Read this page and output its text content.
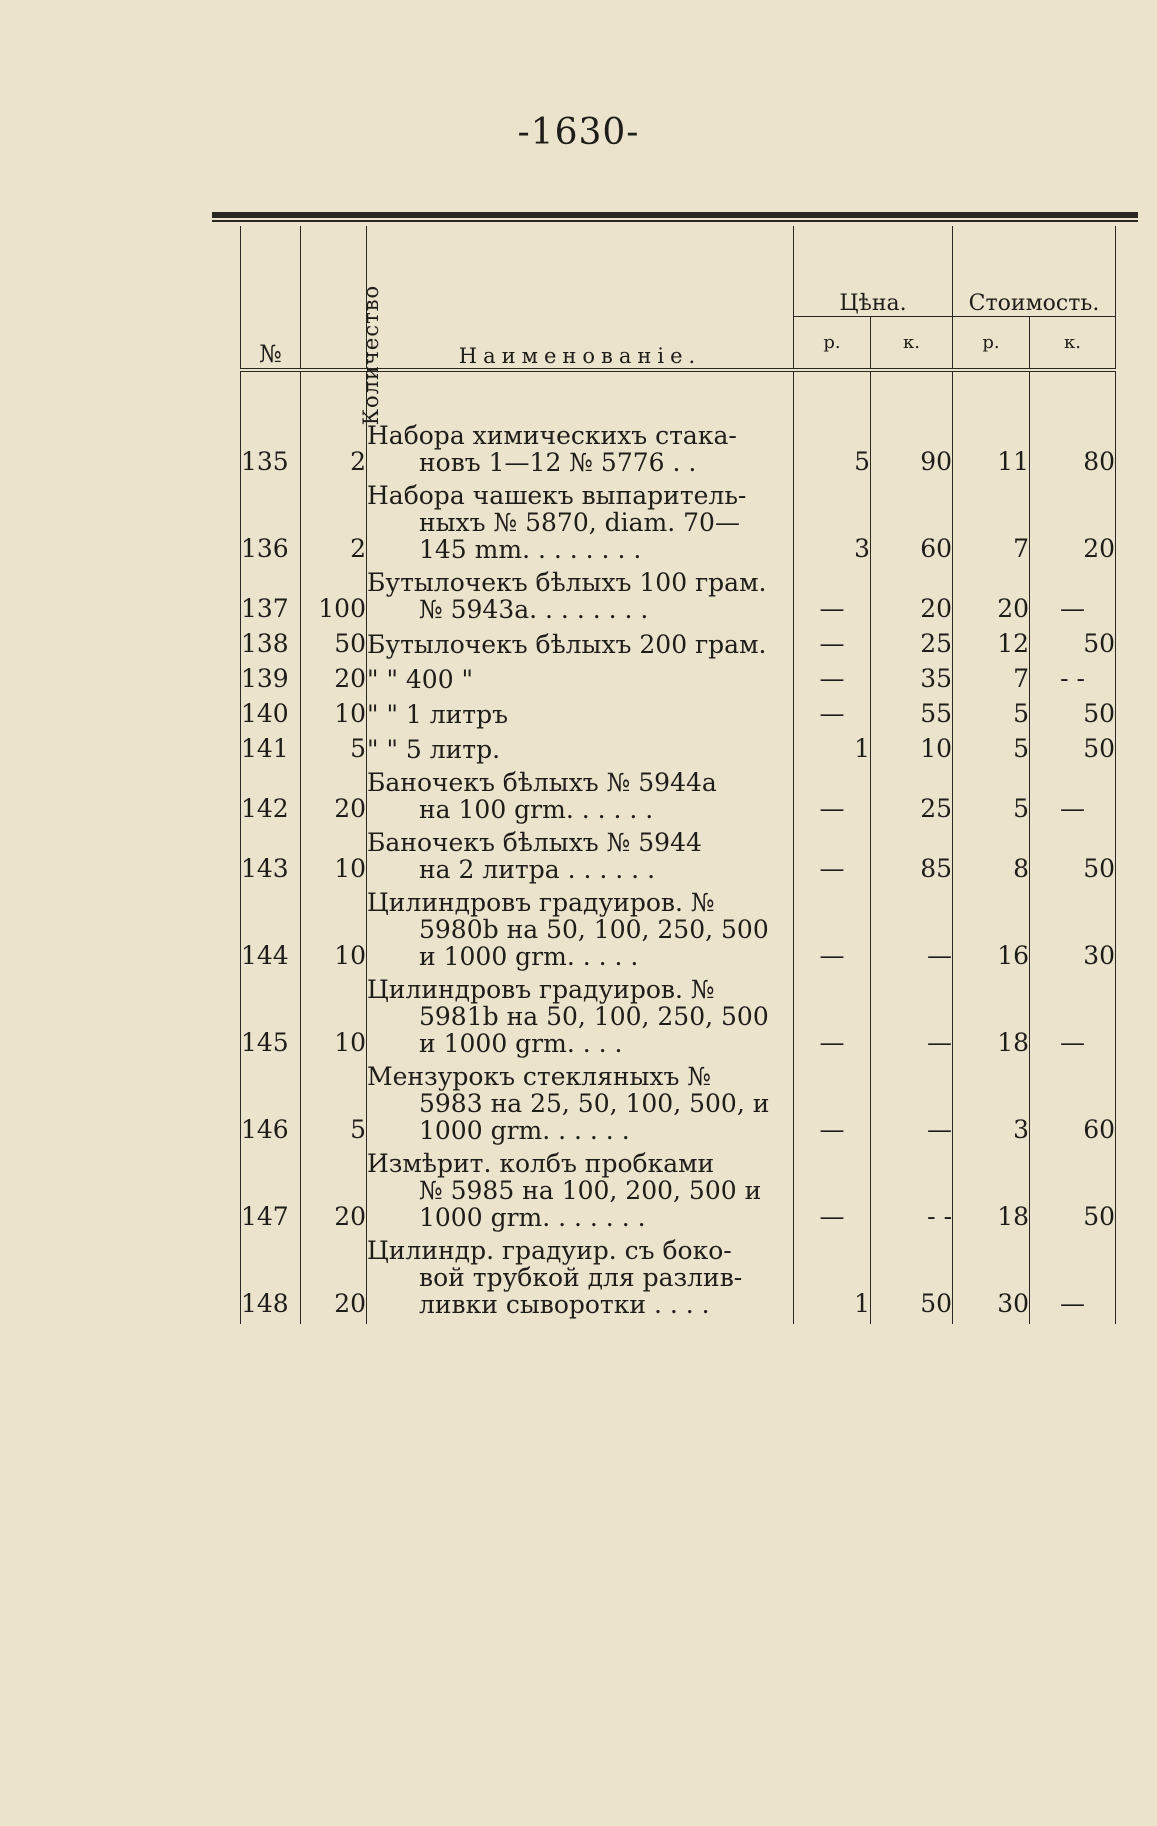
-1630-
№	Количество	Наименованіе.	Цѣна.		Стоимость.	
			р.	к.	р.	к.

135	2	Набора химическихъ стака-
новъ 1—12 № 5776 . .	5	90	11	80
136	2	Набора чашекъ выпаритель-
ныхъ № 5870, diam. 70— 145 mm. . . . . . . .	3	60	7	20
137	100	Бутылочекъ бѣлыхъ 100 грам.
№ 5943a. . . . . . . .	—	20	20	—
138	50	Бутылочекъ бѣлыхъ 200 грам.	—	25	12	50
139	20	" " 400 "	—	35	7	- -
140	10	" " 1 литръ	—	55	5	50
141	5	" " 5 литр.	1	10	5	50
142	20	Баночекъ бѣлыхъ № 5944a
на 100 grm. . . . . .	—	25	5	—
143	10	Баночекъ бѣлыхъ № 5944
на 2 литра . . . . . .	—	85	8	50
144	10	Цилиндровъ градуиров. №
5980b на 50, 100, 250, 500 и 1000 grm. . . . .	—	—	16	30
145	10	Цилиндровъ градуиров. №
5981b на 50, 100, 250, 500 и 1000 grm. . . .	—	—	18	—
146	5	Мензурокъ стекляныхъ №
5983 на 25, 50, 100, 500, и 1000 grm. . . . . .	—	—	3	60
147	20	Измѣрит. колбъ пробками
№ 5985 на 100, 200, 500 и 1000 grm. . . . . . .	—	- -	18	50
148	20	Цилиндр. градуир. съ боко-
вой трубкой для разлив- ливки сыворотки . . . .	1	50	30	—
